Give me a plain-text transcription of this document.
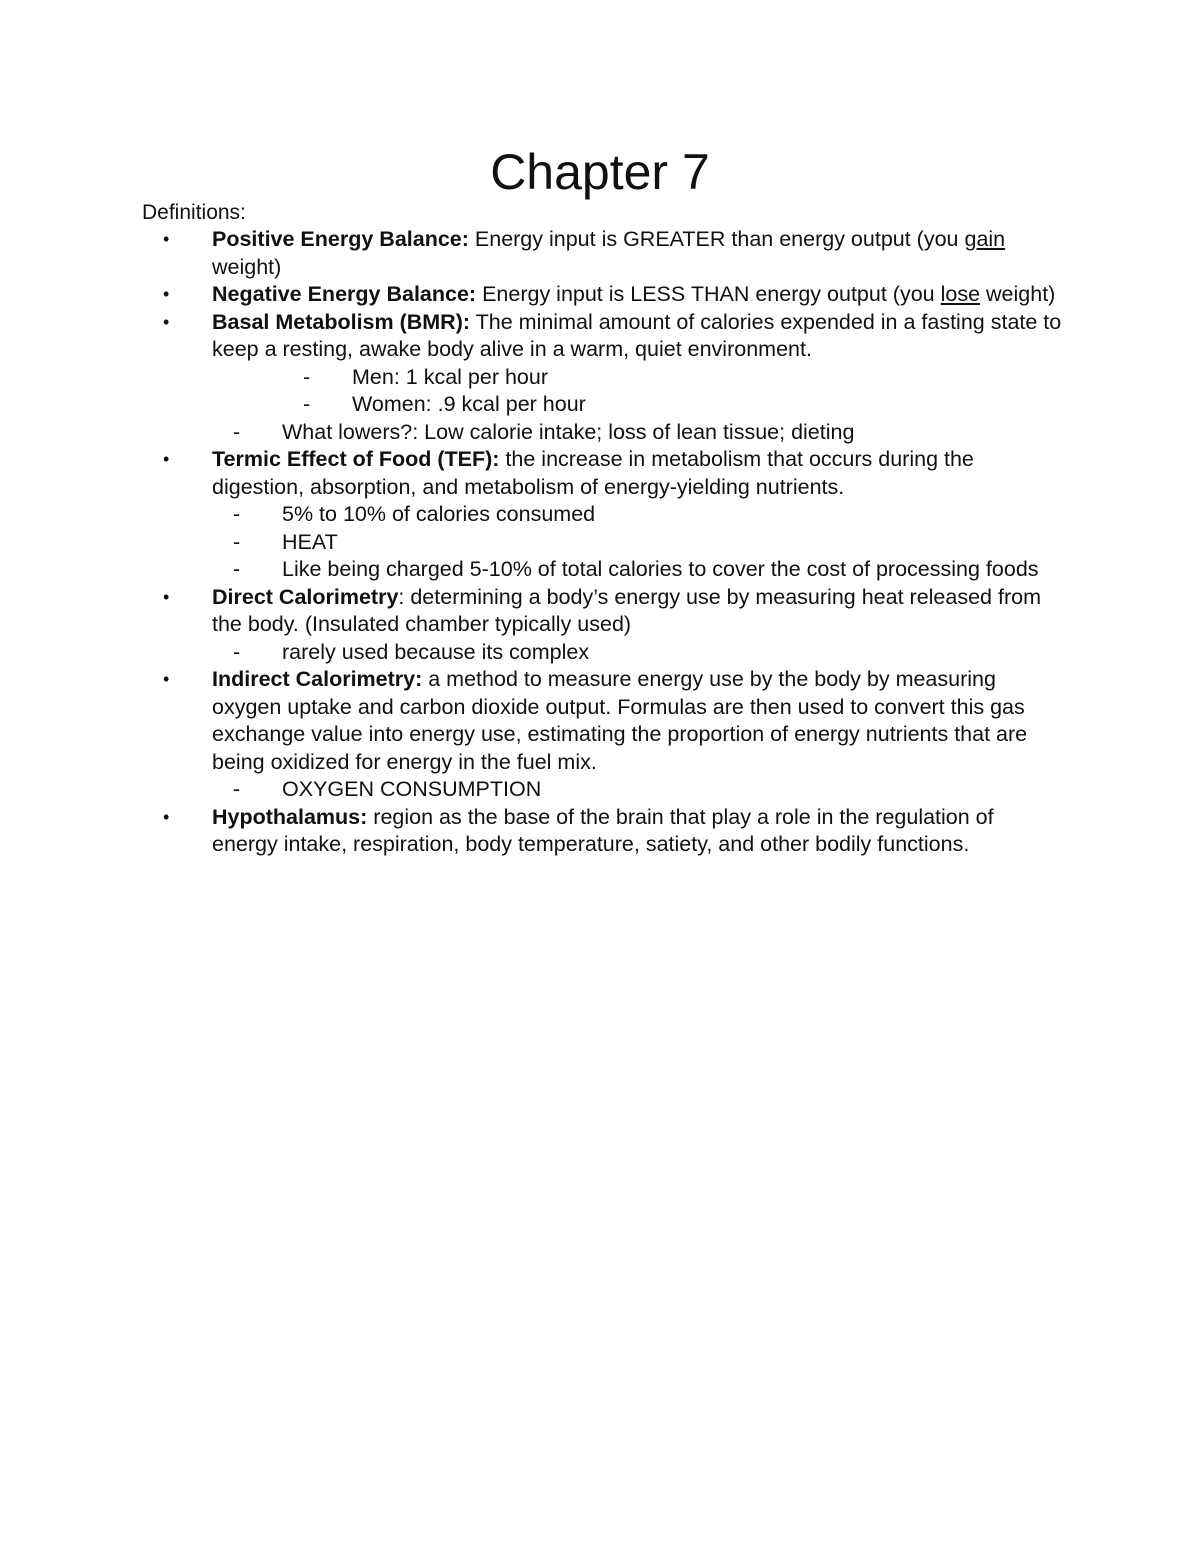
Chapter 7
Definitions:
• Positive Energy Balance: Energy input is GREATER than energy output (you gain weight)
• Negative Energy Balance: Energy input is LESS THAN energy output (you lose weight)
• Basal Metabolism (BMR): The minimal amount of calories expended in a fasting state to keep a resting, awake body alive in a warm, quiet environment.
- Men: 1 kcal per hour
- Women: .9 kcal per hour
- What lowers?: Low calorie intake; loss of lean tissue; dieting
• Termic Effect of Food (TEF): the increase in metabolism that occurs during the digestion, absorption, and metabolism of energy-yielding nutrients.
- 5% to 10% of calories consumed
- HEAT
- Like being charged 5-10% of total calories to cover the cost of processing foods
• Direct Calorimetry: determining a body’s energy use by measuring heat released from the body. (Insulated chamber typically used)
- rarely used because its complex
• Indirect Calorimetry: a method to measure energy use by the body by measuring oxygen uptake and carbon dioxide output. Formulas are then used to convert this gas exchange value into energy use, estimating the proportion of energy nutrients that are being oxidized for energy in the fuel mix.
- OXYGEN CONSUMPTION
• Hypothalamus: region as the base of the brain that play a role in the regulation of energy intake, respiration, body temperature, satiety, and other bodily functions.
